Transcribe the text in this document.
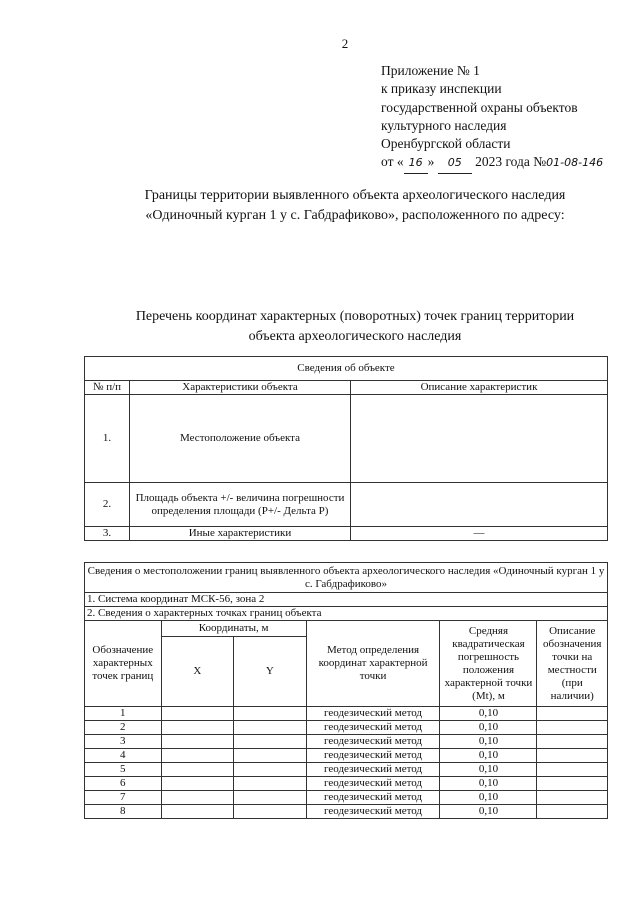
2
Приложение № 1
к приказу инспекции
государственной охраны объектов
культурного наследия
Оренбургской области
от « 16 » 05 2023 года №01-08-146
Границы территории выявленного объекта археологического наследия
«Одиночный курган 1 у с. Габдрафиково», расположенного по адресу:
Перечень координат характерных (поворотных) точек границ территории
объекта археологического наследия
Сведения об объекте		
№ п/п	Характеристики объекта	Описание характеристик
1.	Местоположение объекта	
2.	Площадь объекта +/- величина погрешности определения площади (Р+/- Дельта Р)	
3.	Иные характеристики	—
Сведения о местоположении границ выявленного объекта археологического наследия «Одиночный курган 1 у с. Габдрафиково»					
1. Система координат МСК-56, зона 2					
2. Сведения о характерных точках границ объекта					
Обозначение характерных точек границ	Координаты, м		Метод определения координат характерной точки	Средняя квадратическая погрешность положения характерной точки (Mt), м	Описание обозначения точки на местности (при наличии)
	X	Y			
1			геодезический метод	0,10	
2			геодезический метод	0,10	
3			геодезический метод	0,10	
4			геодезический метод	0,10	
5			геодезический метод	0,10	
6			геодезический метод	0,10	
7			геодезический метод	0,10	
8			геодезический метод	0,10	
